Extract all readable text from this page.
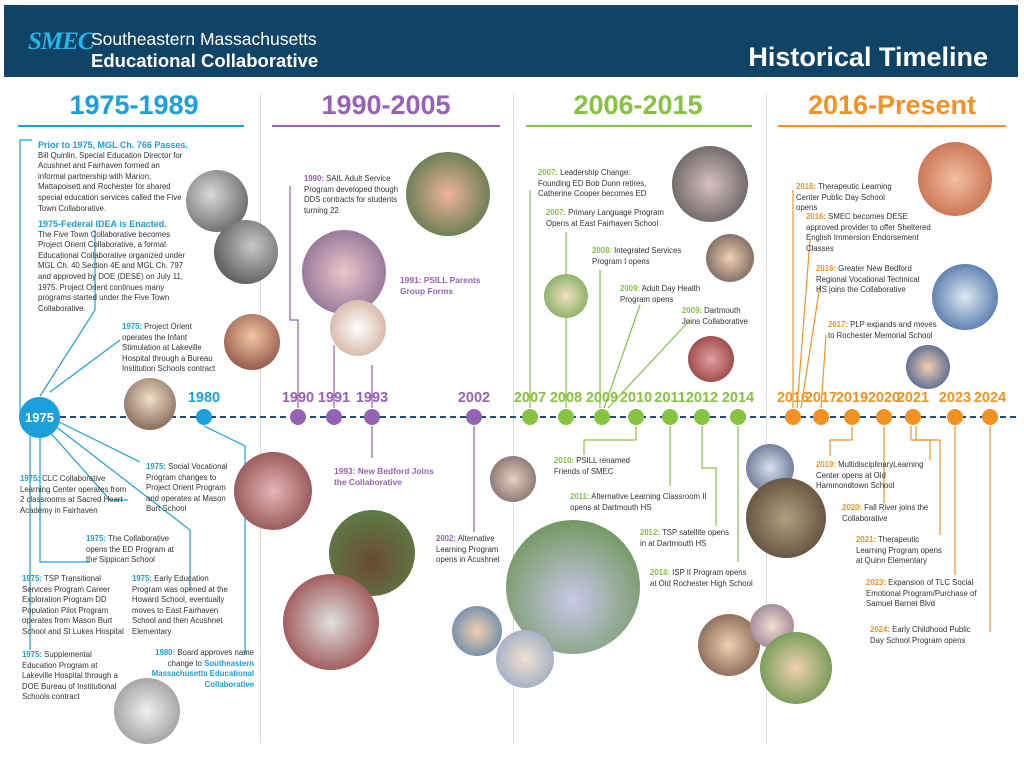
SMEC
Southeastern Massachusetts
Educational Collaborative	Historical Timeline
1975-1989	1990-2005	2006-2015	2016-Present
1975
1980	1990 1991 1993	2002 2007 2008 2009 2010 2011 2012 2014 2016
2017
2019 2020
2021 2023 2024
Prior to 1975, MGL Ch. 766 Passes.
Bill Quinlin, Special Education Director for Acushnet and Fairhaven formed an informal partnership with Marion, Mattapoisett and Rochester for shared special education services called the Five Town Collaborative.
1975-Federal IDEA is Enacted.
The Five Town Collaborative becomes Project Orient Collaborative, a formal Educational Collaborative organized under MGL Ch. 40 Section 4E and MGL Ch. 797 and approved by DOE (DESE) on July 11, 1975. Project Orient continues many programs started under the Five Town Collaborative.
1975: Project Orient operates the Infant Stimulation at Lakeville Hospital through a Bureau Institution Schools contract
1975: CLC Collaborative Learning Center operates from 2 classrooms at Sacred Heart Academy in Fairhaven
1975: Social Vocational Program changes to Project Orient Program and operates at Mason Burt School
1975: The Collaborative opens the ED Program at the Sippican School
1975: TSP Transitional Services Program Career Exploration Program DD Population Pilot Program operates from Mason Burt School and St Lukes Hospital
1975: Early Education Program was opened at the Howard School, eventually moves to East Fairhaven School and then Acushnet Elementary
1975: Supplemental Education Program at Lakeville Hospital through a DOE Bureau of Institutional Schools contract
1980: Board approves name change to Southeastern Massachusetts Educational Collaborative
1990: SAIL Adult Service Program developed though DDS contracts for students turning 22
1991: PSILL Parents Group Forms
1993: New Bedford Joins the Collaborative
2002: Alternative Learning Program opens in Acushnet
2007: Leadership Change: Founding ED Bob Dunn retires, Catherine Cooper becomes ED
2007: Primary Language Program Opens at East Fairhaven School
2008: Integrated Services Program I opens
2009: Adult Day Health Program opens
2009: Dartmouth Joins Collaborative
2010: PSILL renamed Friends of SMEC
2011: Alternative Learning Classroom II opens at Dartmouth HS
2012: TSP satellite opens in at Dartmouth HS
2014: ISP II Program opens at Old Rochester High School
2016: Therapeutic Learning Center Public Day School opens
2016: SMEC becomes DESE approved provider to offer Sheltered English Immersion Endorsement Classes
2016: Greater New Bedford Regional Vocational Technical HS joins the Collaborative
2017: PLP expands and moves to Rochester Memorial School
2019: MultidisciplinaryLearning Center opens at Old Hammondtown School
2020: Fall River joins the Collaborative
2021: Therapeutic Learning Program opens at Quinn Elementary
2023: Expansion of TLC Social Emotional Program/Purchase of Samuel Barnet Blvd
2024: Early Childhood Public Day School Program opens
